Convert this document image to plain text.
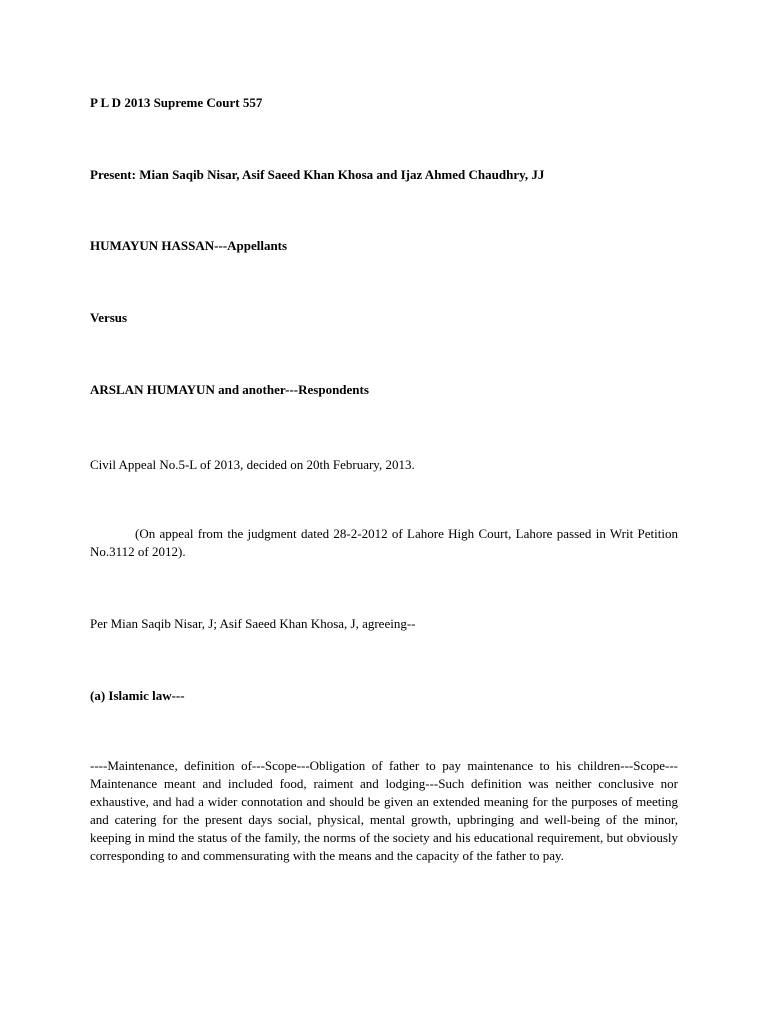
P L D 2013 Supreme Court 557

Present: Mian Saqib Nisar, Asif Saeed Khan Khosa and Ijaz Ahmed Chaudhry, JJ

HUMAYUN HASSAN---Appellants

Versus

ARSLAN HUMAYUN and another---Respondents

Civil Appeal No.5-L of 2013, decided on 20th February, 2013.

(On appeal from the judgment dated 28-2-2012 of Lahore High Court, Lahore passed in Writ Petition No.3112 of 2012).

Per Mian Saqib Nisar, J; Asif Saeed Khan Khosa, J, agreeing--

(a) Islamic law---

----Maintenance, definition of---Scope---Obligation of father to pay maintenance to his children---Scope---Maintenance meant and included food, raiment and lodging---Such definition was neither conclusive nor exhaustive, and had a wider connotation and should be given an extended meaning for the purposes of meeting and catering for the present days social, physical, mental growth, upbringing and well-being of the minor, keeping in mind the status of the family, the norms of the society and his educational requirement, but obviously corresponding to and commensurating with the means and the capacity of the father to pay.
